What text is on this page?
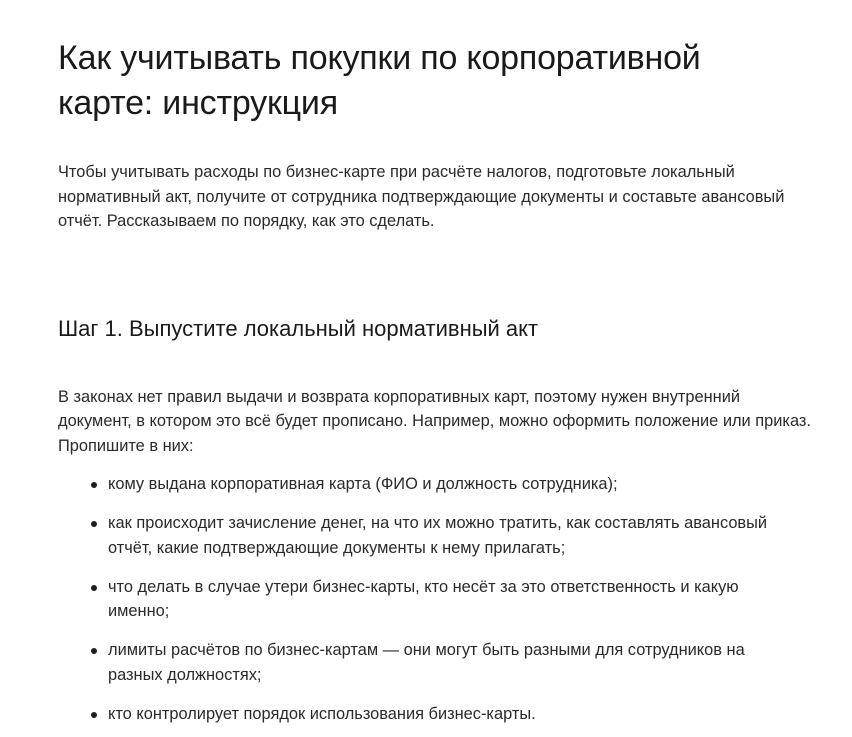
Как учитывать покупки по корпоративной карте: инструкция

Чтобы учитывать расходы по бизнес-карте при расчёте налогов, подготовьте локальный нормативный акт, получите от сотрудника подтверждающие документы и составьте авансовый отчёт. Рассказываем по порядку, как это сделать.

Шаг 1. Выпустите локальный нормативный акт

В законах нет правил выдачи и возврата корпоративных карт, поэтому нужен внутренний документ, в котором это всё будет прописано. Например, можно оформить положение или приказ. Пропишите в них:

кому выдана корпоративная карта (ФИО и должность сотрудника);
как происходит зачисление денег, на что их можно тратить, как составлять авансовый отчёт, какие подтверждающие документы к нему прилагать;
что делать в случае утери бизнес-карты, кто несёт за это ответственность и какую именно;
лимиты расчётов по бизнес-картам — они могут быть разными для сотрудников на разных должностях;
кто контролирует порядок использования бизнес-карты.
